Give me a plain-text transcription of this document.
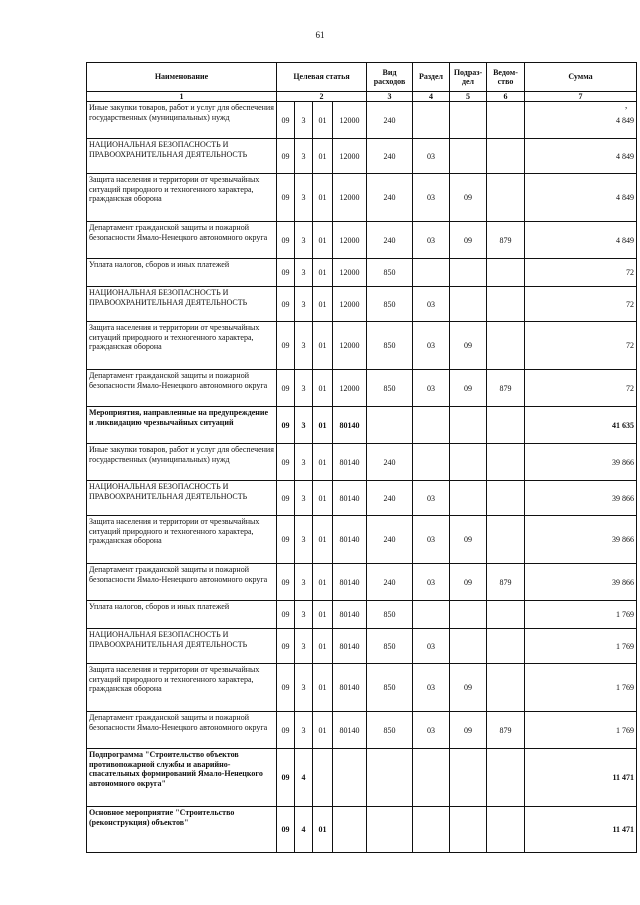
61
,
Наименование	Целевая статья				Вид расходов	Раздел	Подраз-дел	Ведом-ство	Сумма
1	2				3	4	5	6	7
Иные закупки товаров, работ и услуг для обеспечения государственных (муниципальных) нужд	09	3	01	12000	240				4 849
НАЦИОНАЛЬНАЯ БЕЗОПАСНОСТЬ И ПРАВООХРАНИТЕЛЬНАЯ ДЕЯТЕЛЬНОСТЬ	09	3	01	12000	240	03			4 849
Защита населения и территории от чрезвычайных ситуаций природного и техногенного характера, гражданская оборона	09	3	01	12000	240	03	09		4 849
Департамент гражданской защиты и пожарной безопасности Ямало-Ненецкого автономного округа	09	3	01	12000	240	03	09	879	4 849
Уплата налогов, сборов и иных платежей	09	3	01	12000	850				72
НАЦИОНАЛЬНАЯ БЕЗОПАСНОСТЬ И ПРАВООХРАНИТЕЛЬНАЯ ДЕЯТЕЛЬНОСТЬ	09	3	01	12000	850	03			72
Защита населения и территории от чрезвычайных ситуаций природного и техногенного характера, гражданская оборона	09	3	01	12000	850	03	09		72
Департамент гражданской защиты и пожарной безопасности Ямало-Ненецкого автономного округа	09	3	01	12000	850	03	09	879	72
Мероприятия, направленные на предупреждение и ликвидацию чрезвычайных ситуаций	09	3	01	80140					41 635
Иные закупки товаров, работ и услуг для обеспечения государственных (муниципальных) нужд	09	3	01	80140	240				39 866
НАЦИОНАЛЬНАЯ БЕЗОПАСНОСТЬ И ПРАВООХРАНИТЕЛЬНАЯ ДЕЯТЕЛЬНОСТЬ	09	3	01	80140	240	03			39 866
Защита населения и территории от чрезвычайных ситуаций природного и техногенного характера, гражданская оборона	09	3	01	80140	240	03	09		39 866
Департамент гражданской защиты и пожарной безопасности Ямало-Ненецкого автономного округа	09	3	01	80140	240	03	09	879	39 866
Уплата налогов, сборов и иных платежей	09	3	01	80140	850				1 769
НАЦИОНАЛЬНАЯ БЕЗОПАСНОСТЬ И ПРАВООХРАНИТЕЛЬНАЯ ДЕЯТЕЛЬНОСТЬ	09	3	01	80140	850	03			1 769
Защита населения и территории от чрезвычайных ситуаций природного и техногенного характера, гражданская оборона	09	3	01	80140	850	03	09		1 769
Департамент гражданской защиты и пожарной безопасности Ямало-Ненецкого автономного округа	09	3	01	80140	850	03	09	879	1 769
Подпрограмма "Строительство объектов противопожарной службы и аварийно-спасательных формирований Ямало-Ненецкого автономного округа"	09	4							11 471
Основное мероприятие "Строительство (реконструкция) объектов"	09	4	01						11 471
